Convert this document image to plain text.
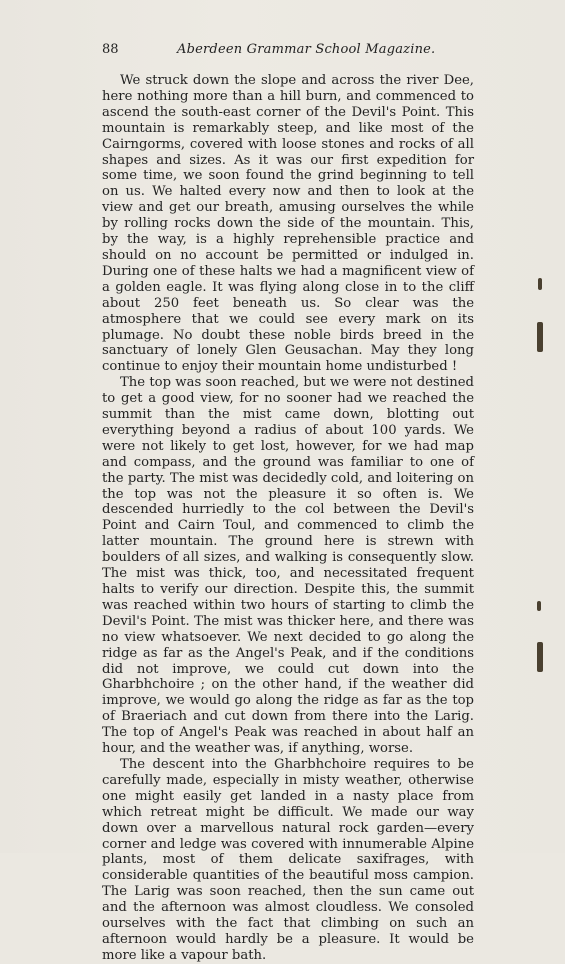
88	Aberdeen Grammar School Magazine.

We struck down the slope and across the river Dee, here nothing more than a hill burn, and commenced to ascend the south-east corner of the Devil's Point. This mountain is remarkably steep, and like most of the Cairngorms, covered with loose stones and rocks of all shapes and sizes. As it was our first expedition for some time, we soon found the grind beginning to tell on us. We halted every now and then to look at the view and get our breath, amusing ourselves the while by rolling rocks down the side of the mountain. This, by the way, is a highly reprehensible practice and should on no account be permitted or indulged in. During one of these halts we had a magnificent view of a golden eagle. It was flying along close in to the cliff about 250 feet beneath us. So clear was the atmosphere that we could see every mark on its plumage. No doubt these noble birds breed in the sanctuary of lonely Glen Geusachan. May they long continue to enjoy their mountain home undisturbed !

The top was soon reached, but we were not destined to get a good view, for no sooner had we reached the summit than the mist came down, blotting out everything beyond a radius of about 100 yards. We were not likely to get lost, however, for we had map and compass, and the ground was familiar to one of the party. The mist was decidedly cold, and loitering on the top was not the pleasure it so often is. We descended hurriedly to the col between the Devil's Point and Cairn Toul, and commenced to climb the latter mountain. The ground here is strewn with boulders of all sizes, and walking is consequently slow. The mist was thick, too, and necessitated frequent halts to verify our direction. Despite this, the summit was reached within two hours of starting to climb the Devil's Point. The mist was thicker here, and there was no view whatsoever. We next decided to go along the ridge as far as the Angel's Peak, and if the conditions did not improve, we could cut down into the Gharbhchoire ; on the other hand, if the weather did improve, we would go along the ridge as far as the top of Braeriach and cut down from there into the Larig. The top of Angel's Peak was reached in about half an hour, and the weather was, if anything, worse.

The descent into the Gharbhchoire requires to be carefully made, especially in misty weather, otherwise one might easily get landed in a nasty place from which retreat might be difficult. We made our way down over a marvellous natural rock garden—every corner and ledge was covered with innumerable Alpine plants, most of them delicate saxifrages, with considerable quantities of the beautiful moss campion. The Larig was soon reached, then the sun came out and the afternoon was almost cloudless. We consoled ourselves with the fact that climbing on such an afternoon would hardly be a pleasure. It would be more like a vapour bath.
